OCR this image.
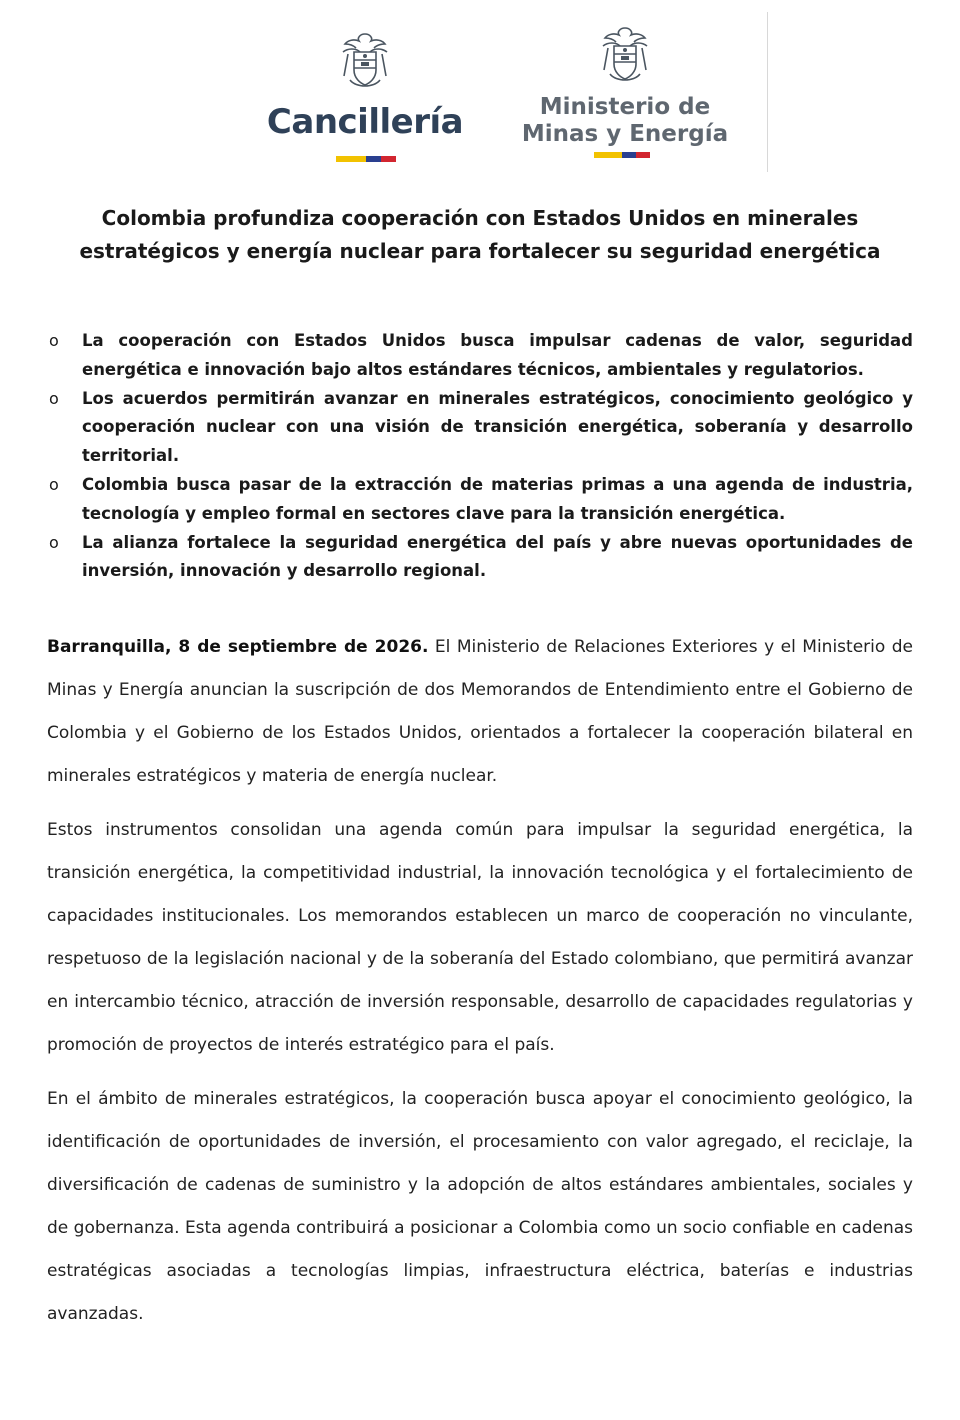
Cancillería	Ministerio de
Minas y Energía
Colombia profundiza cooperación con Estados Unidos en minerales estratégicos y energía nuclear para fortalecer su seguridad energética
o La cooperación con Estados Unidos busca impulsar cadenas de valor, seguridad energética e innovación bajo altos estándares técnicos, ambientales y regulatorios.
o Los acuerdos permitirán avanzar en minerales estratégicos, conocimiento geológico y cooperación nuclear con una visión de transición energética, soberanía y desarrollo territorial.
o Colombia busca pasar de la extracción de materias primas a una agenda de industria, tecnología y empleo formal en sectores clave para la transición energética.
o La alianza fortalece la seguridad energética del país y abre nuevas oportunidades de inversión, innovación y desarrollo regional.

Barranquilla, 8 de septiembre de 2026. El Ministerio de Relaciones Exteriores y el Ministerio de Minas y Energía anuncian la suscripción de dos Memorandos de Entendimiento entre el Gobierno de Colombia y el Gobierno de los Estados Unidos, orientados a fortalecer la cooperación bilateral en minerales estratégicos y materia de energía nuclear.

Estos instrumentos consolidan una agenda común para impulsar la seguridad energética, la transición energética, la competitividad industrial, la innovación tecnológica y el fortalecimiento de capacidades institucionales. Los memorandos establecen un marco de cooperación no vinculante, respetuoso de la legislación nacional y de la soberanía del Estado colombiano, que permitirá avanzar en intercambio técnico, atracción de inversión responsable, desarrollo de capacidades regulatorias y promoción de proyectos de interés estratégico para el país.

En el ámbito de minerales estratégicos, la cooperación busca apoyar el conocimiento geológico, la identificación de oportunidades de inversión, el procesamiento con valor agregado, el reciclaje, la diversificación de cadenas de suministro y la adopción de altos estándares ambientales, sociales y de gobernanza. Esta agenda contribuirá a posicionar a Colombia como un socio confiable en cadenas estratégicas asociadas a tecnologías limpias, infraestructura eléctrica, baterías e industrias avanzadas.
